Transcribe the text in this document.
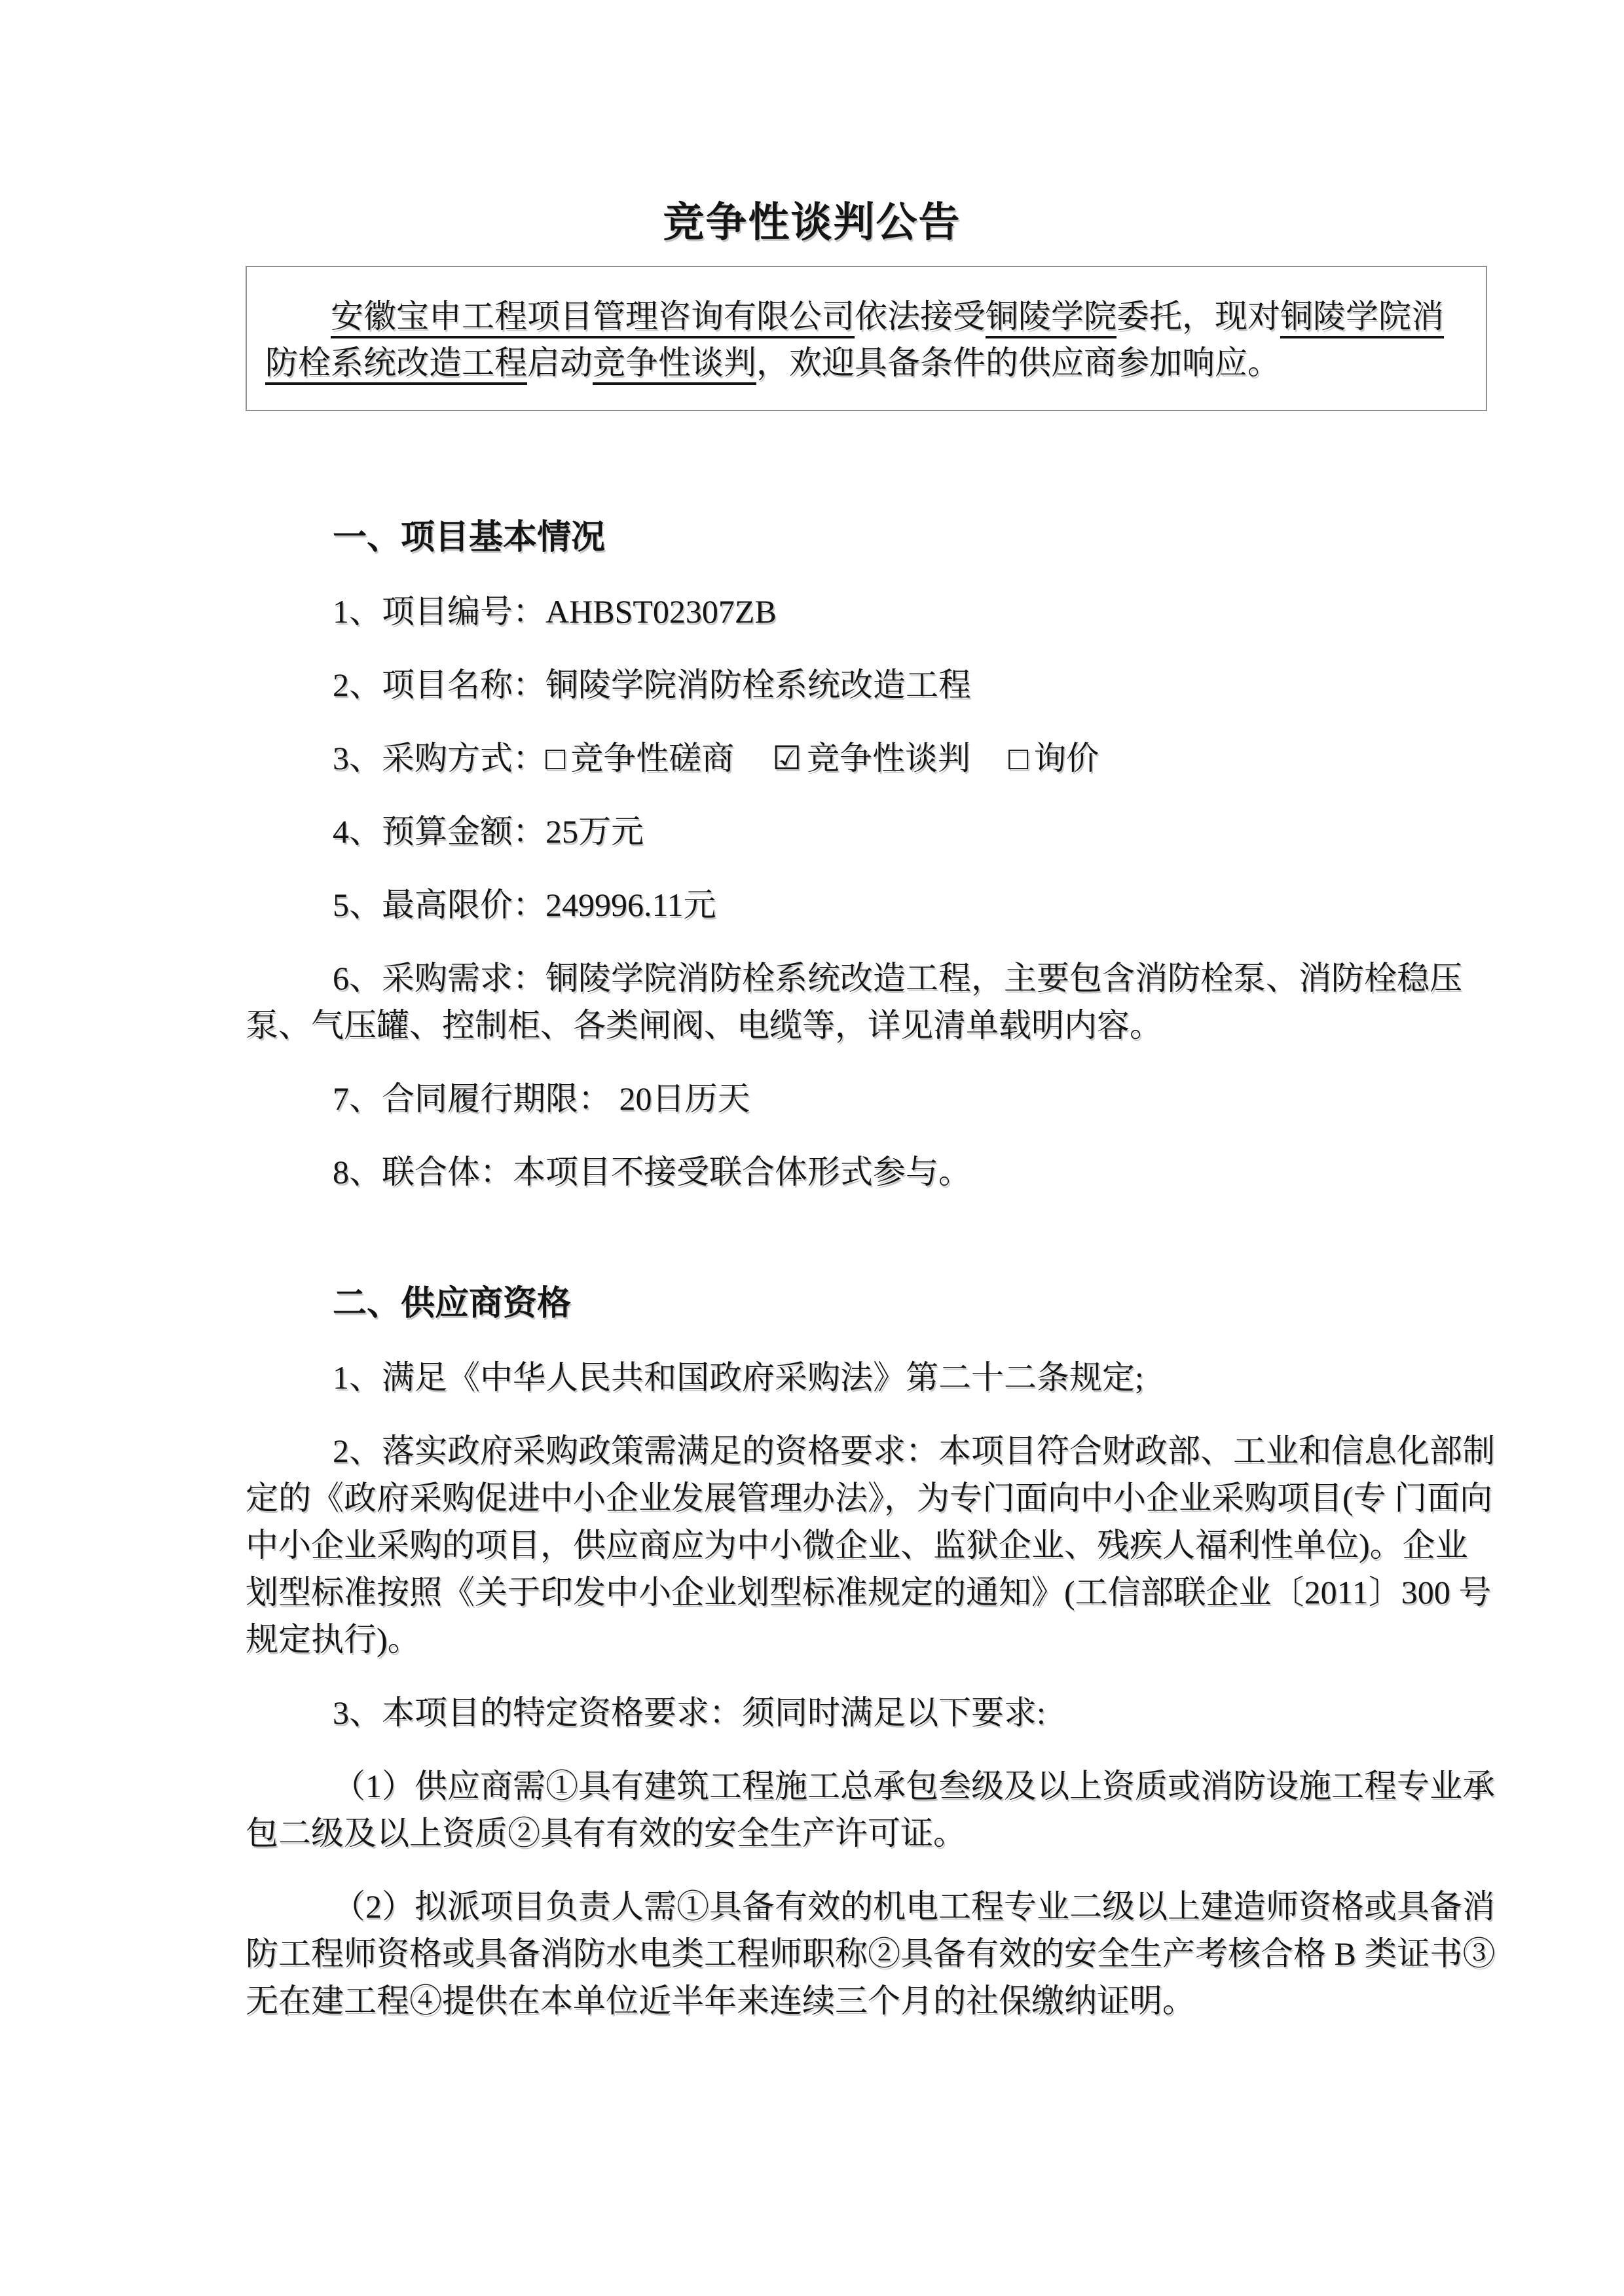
竞争性谈判公告

安徽宝申工程项目管理咨询有限公司依法接受铜陵学院委托，现对铜陵学院消防栓系统改造工程启动竞争性谈判，欢迎具备条件的供应商参加响应。

一、项目基本情况

1、项目编号：AHBST02307ZB

2、项目名称：铜陵学院消防栓系统改造工程

3、采购方式：□ 竞争性磋商 ☑ 竞争性谈判 □ 询价

4、预算金额：25万元

5、最高限价：249996.11元

6、采购需求：铜陵学院消防栓系统改造工程，主要包含消防栓泵、消防栓稳压泵、气压罐、控制柜、各类闸阀、电缆等，详见清单载明内容。

7、合同履行期限： 20日历天

8、联合体：本项目不接受联合体形式参与。

二、供应商资格

1、满足《中华人民共和国政府采购法》第二十二条规定;

2、落实政府采购政策需满足的资格要求：本项目符合财政部、工业和信息化部制定的《政府采购促进中小企业发展管理办法》，为专门面向中小企业采购项目(专 门面向中小企业采购的项目，供应商应为中小微企业、监狱企业、残疾人福利性单位)。企业划型标准按照《关于印发中小企业划型标准规定的通知》(工信部联企业〔2011〕300 号规定执行)。

3、本项目的特定资格要求：须同时满足以下要求:

（1）供应商需①具有建筑工程施工总承包叁级及以上资质或消防设施工程专业承包二级及以上资质②具有有效的安全生产许可证。

（2）拟派项目负责人需①具备有效的机电工程专业二级以上建造师资格或具备消防工程师资格或具备消防水电类工程师职称②具备有效的安全生产考核合格 B 类证书③无在建工程④提供在本单位近半年来连续三个月的社保缴纳证明。
